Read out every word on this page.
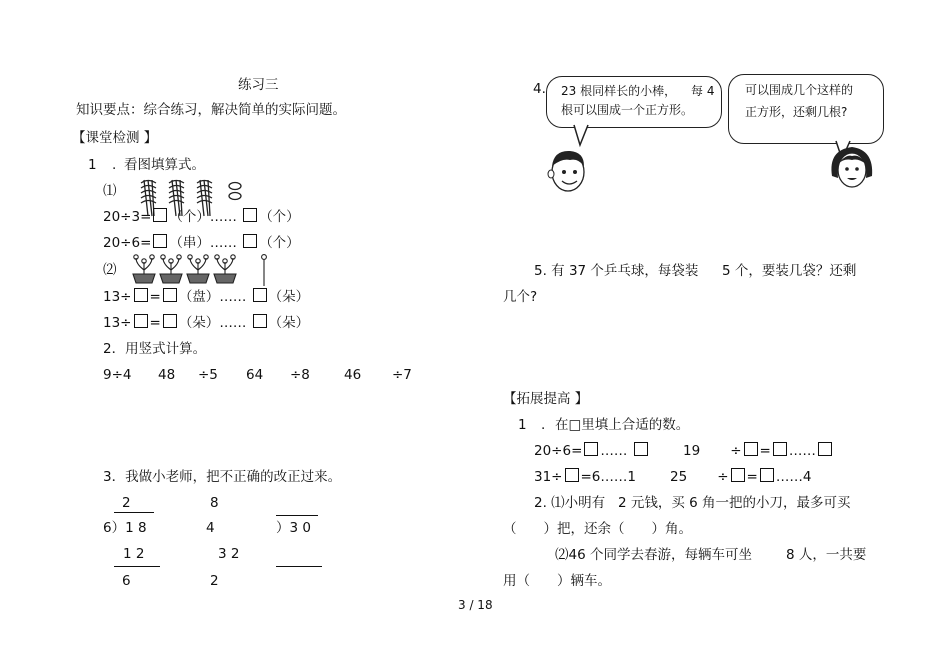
练习三
知识要点：综合练习，解决简单的实际问题。
【课堂检测 】
1 . 看图填算式。
⑴
20÷3= （个）…… （个）
20÷6= （串）…… （个）
⑵
13÷ = （盘）…… （朵）
13÷ = （朵）…… （朵）
2．用竖式计算。
9÷4 48 ÷5 64 ÷8	46 ÷7
3．我做小老师，把不正确的改正过来。
2
6）1 8
1 2
6
8
4
3 2
2
）3 0
4. 23 根同样长的小棒， 每 4
根可以围成一个正方形。
可以围成几个这样的
正方形，还剩几根?
5. 有 37 个乒乓球，每袋装 5 个，要装几袋？还剩
几个?
【拓展提高 】
1 . 在□里填上合适的数。
20÷6= ……	19 ÷ = ……
31÷ =6……1	25 ÷ = ……4
2. ⑴小明有 2 元钱，买 6 角一把的小刀，最多可买
（　　）把，还余（　　）角。
⑵46 个同学去春游，每辆车可坐	8 人，一共要
用（　　）辆车。
3 / 18
